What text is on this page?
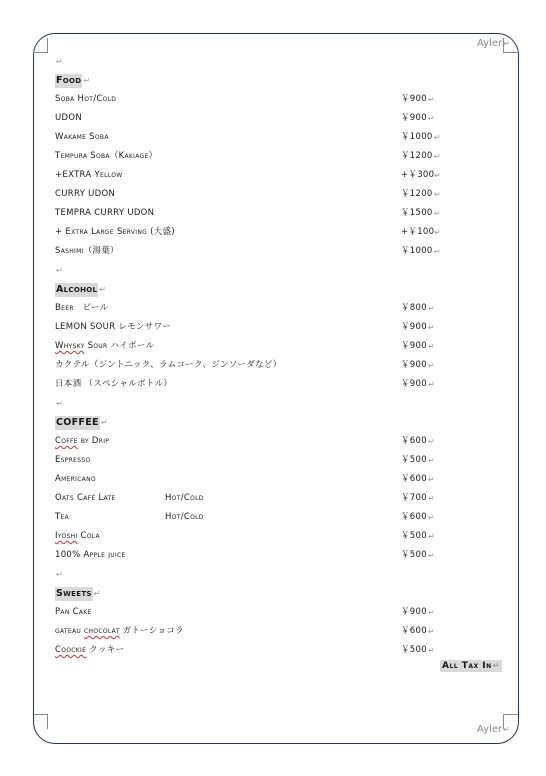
Ayler↵
Ayler↵
↵
Food ↵
Soba Hot/Cold	￥900 ↵
UDON	￥900 ↵
Wakame Soba	￥1000 ↵
Tempura Soba（Kakiage）	￥1200 ↵
+EXTRA Yellow	+￥300 ↵
CURRY UDON	￥1200 ↵
TEMPRA CURRY UDON	￥1500 ↵
+ Extra Large Serving (大盛)	+￥100 ↵
Sashimi（湯葉）	￥1000 ↵
↵
Alcohol ↵
Beer　ビール	￥800 ↵
LEMON SOUR レモンサワー	￥900 ↵
Whysky Sour ハイボール	￥900 ↵
カクテル（ジントニック、ラムコーク、ジンソーダなど）	￥900 ↵
日本酒 （スペシャルボトル）	￥900 ↵
↵
COFFEE ↵
Coffe by Drip	￥600 ↵
Espresso	￥500 ↵
Americano	￥600 ↵
Oats Café Late	Hot/Cold	￥700 ↵
Tea	Hot/Cold	￥600 ↵
Iyoshi Cola	￥500 ↵
100% Apple juice	￥500 ↵
↵
Sweets ↵
Pan Cake	￥900 ↵
gateau chocolat ガトーショコラ	￥600 ↵
Coockie クッキー	￥500 ↵
All Tax In↵
